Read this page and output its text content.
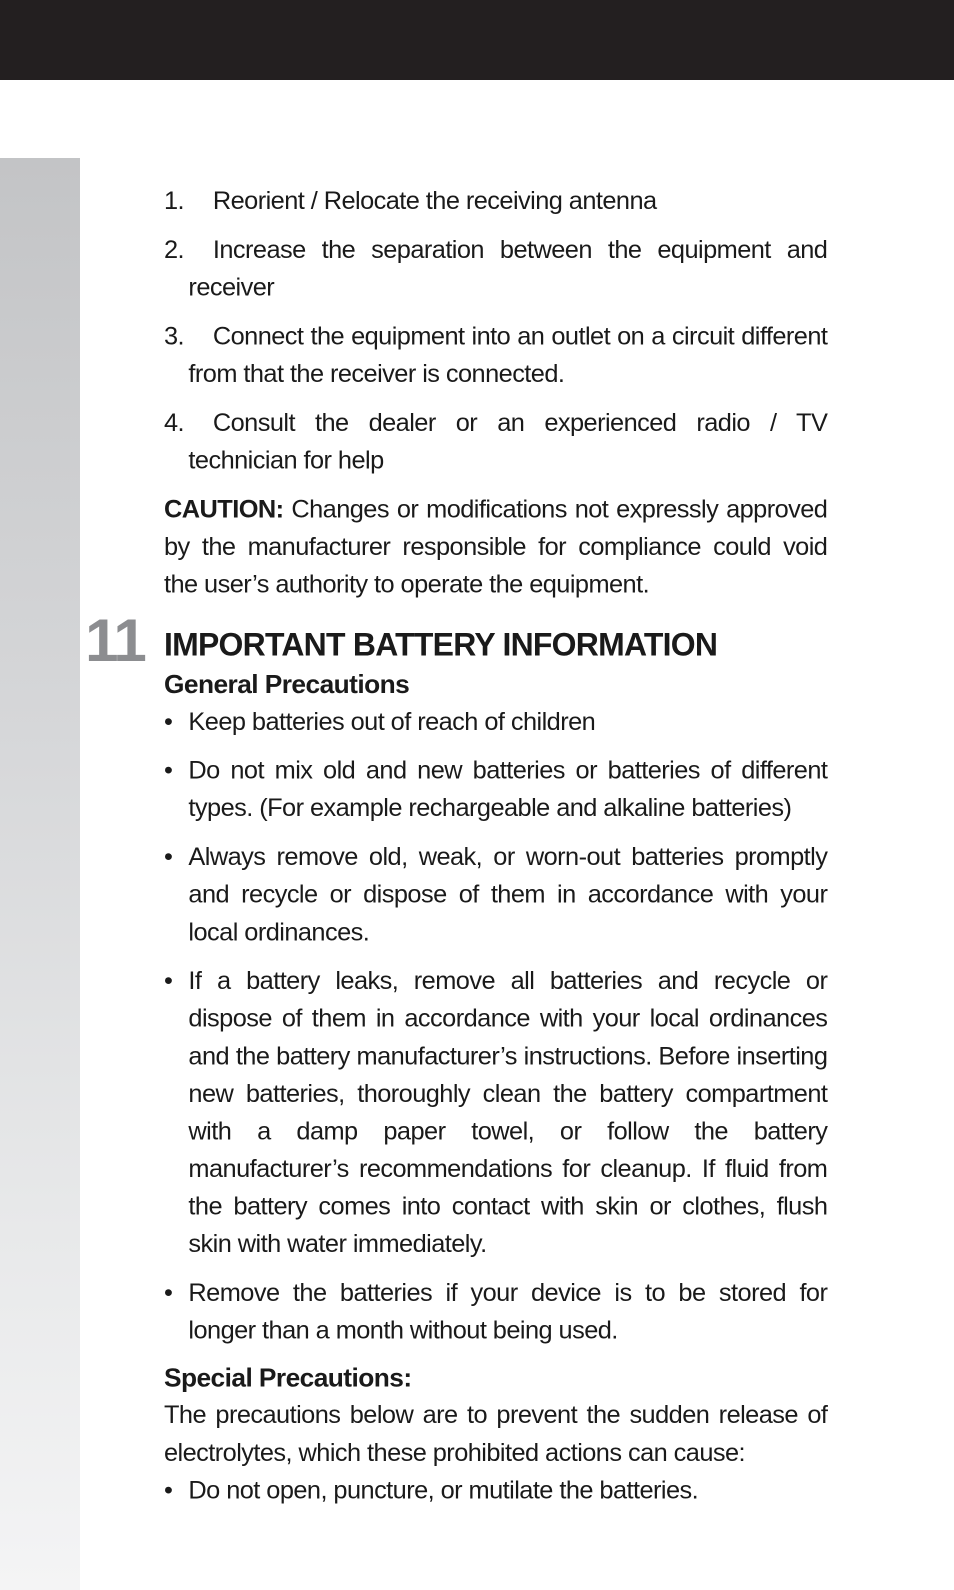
1. Reorient / Relocate the receiving antenna
2. Increase the separation between the equipment and receiver
3. Connect the equipment into an outlet on a circuit different from that the receiver is connected.
4. Consult the dealer or an experienced radio / TV technician for help
CAUTION: Changes or modifications not expressly approved by the manufacturer responsible for compliance could void the user’s authority to operate the equipment.
11 IMPORTANT BATTERY INFORMATION
General Precautions
• Keep batteries out of reach of children
• Do not mix old and new batteries or batteries of different types. (For example rechargeable and alkaline batteries)
• Always remove old, weak, or worn-out batteries promptly and recycle or dispose of them in accordance with your local ordinances.
• If a battery leaks, remove all batteries and recycle or dispose of them in accordance with your local ordinances and the battery manufacturer’s instructions. Before inserting new batteries, thoroughly clean the battery compartment with a damp paper towel, or follow the battery manufacturer’s recommendations for cleanup. If fluid from the battery comes into contact with skin or clothes, flush skin with water immediately.
• Remove the batteries if your device is to be stored for longer than a month without being used.
Special Precautions:
The precautions below are to prevent the sudden release of electrolytes, which these prohibited actions can cause:
• Do not open, puncture, or mutilate the batteries.
